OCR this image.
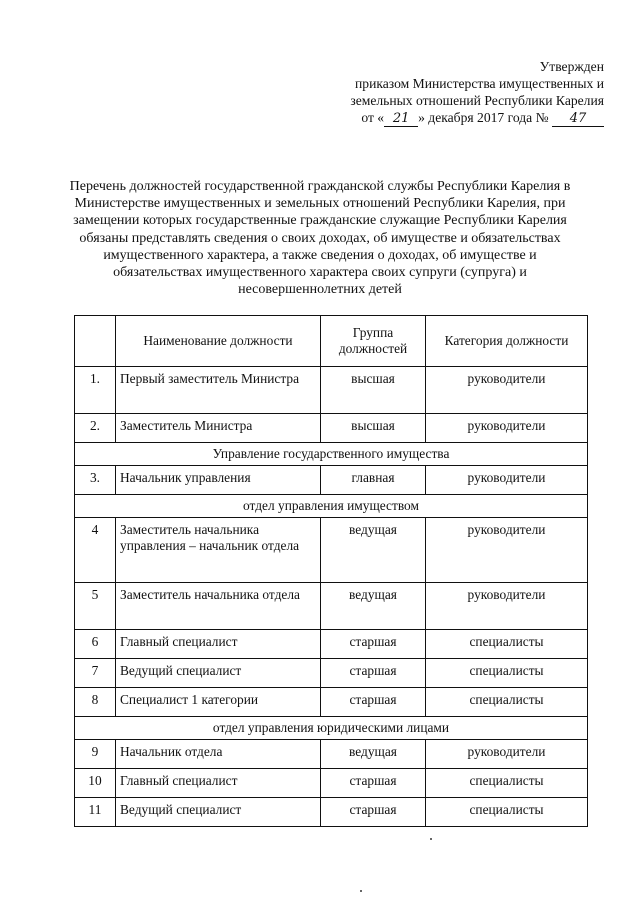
Утвержден
приказом Министерства имущественных и
земельных отношений Республики Карелия
от « 21 » декабря 2017 года № 47
Перечень должностей государственной гражданской службы Республики Карелия в Министерстве имущественных и земельных отношений Республики Карелия, при замещении которых государственные гражданские служащие Республики Карелия обязаны представлять сведения о своих доходах, об имуществе и обязательствах имущественного характера, а также сведения о доходах, об имуществе и обязательствах имущественного характера своих супруги (супруга) и несовершеннолетних детей
	Наименование должности	Группа должностей	Категория должности
1.	Первый заместитель Министра	высшая	руководители
2.	Заместитель Министра	высшая	руководители
Управление государственного имущества			
3.	Начальник управления	главная	руководители
отдел управления имуществом			
4	Заместитель начальника управления – начальник отдела	ведущая	руководители
5	Заместитель начальника отдела	ведущая	руководители
6	Главный специалист	старшая	специалисты
7	Ведущий специалист	старшая	специалисты
8	Специалист 1 категории	старшая	специалисты
отдел управления юридическими лицами			
9	Начальник отдела	ведущая	руководители
10	Главный специалист	старшая	специалисты
11	Ведущий специалист	старшая	специалисты
